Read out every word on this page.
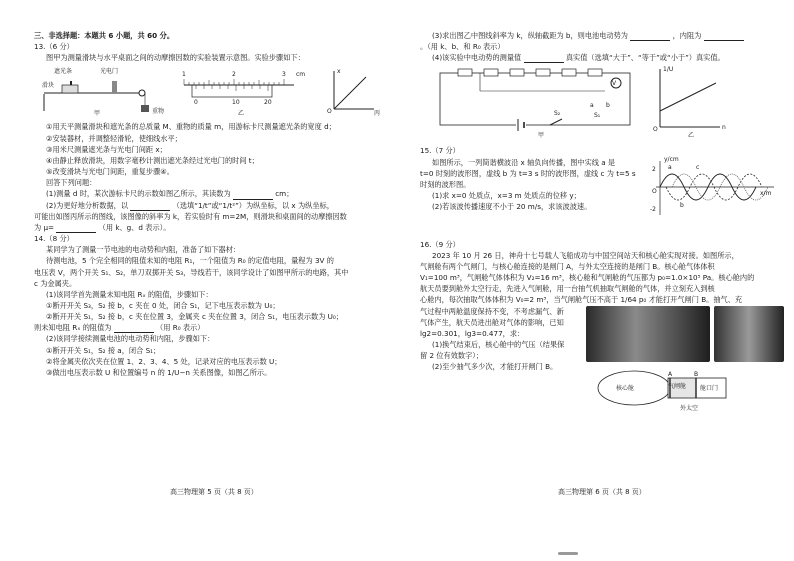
三、非选择题：本题共 6 小题，共 60 分。
13.（6 分）
图甲为测量滑块与水平桌面之间的动摩擦因数的实验装置示意图。实验步骤如下：
遮光条	光电门
滑块
重物
甲
1	2	3 cm
0	10	20
乙
x
O	丙
①用天平测量滑块和遮光条的总质量 M、重物的质量 m，用游标卡尺测量遮光条的宽度 d；
②安装器材，并调整轻滑轮，使细线水平；
③用米尺测量遮光条与光电门间距 x；
④由静止释放滑块，用数字毫秒计测出遮光条经过光电门的时间 t；
⑤改变滑块与光电门间距，重复步骤④。
回答下列问题：
(1)测量 d 时，某次游标卡尺的示数如图乙所示，其读数为	cm；
(2)为更好地分析数据，以	（选填“1/t”或“1/t²”）为纵坐标，以 x 为纵坐标，
可能出如图丙所示的图线，该图像的斜率为 k，若实验时有 m=2M，则滑块和桌面间的动摩擦因数
为 μ=	（用 k、g、d 表示）。
14.（8 分）
某同学为了测量一节电池的电动势和内阻，准备了如下器材：
待测电池，5 个完全相同的阻值未知的电阻 R₁，一个阻值为 R₀ 的定值电阻，量程为 3V 的
电压表 V，两个开关 S₁、S₂，单刀双掷开关 S₃，导线若干，该同学设计了如图甲所示的电路，其中
c 为金属夹。
(1)该同学首先测量未知电阻 Rₓ 的阻值，步骤如下：
①断开开关 S₃，S₂ 接 b，c 夹在 0 处，闭合 S₁，记下电压表示数为 U₀；
②断开开关 S₁，S₂ 接 b，c 夹在位置 3，金属夹 c 夹在位置 3，闭合 S₁，电压表示数为 U₀；
则未知电阻 Rₓ 的阻值为	（用 R₀ 表示）
(2)该同学接续测量电池的电动势和内阻，步骤如下：
①断开开关 S₁，S₂ 接 a，闭合 S₁；
②将金属夹依次夹在位置 1、2、3、4、5 处，记录对应的电压表示数 U；
③做出电压表示数 U 和位置编号 n 的 1/U−n 关系图像，如图乙所示。
高三物理第 5 页（共 8 页）
(3)求出图乙中图线斜率为 k，纵轴截距为 b，则电池电动势为	，内阻为
。（用 k、b、和 R₀ 表示）
(4)该实验中电动势的测量值	真实值（选填“大于”、“等于”或“小于”）真实值。
V
a b
S₁
S₂
甲
1/U
O	n
乙
15.（7 分）
如图所示，一列简谐横波沿 x 轴负向传播，图中实线 a 是
t=0 时刻的波形图，虚线 b 为 t=3 s 时的波形图，虚线 c 为 t=5 s
时刻的波形图。
(1)求 x=0 处质点，x=3 m 处质点的位移 y；
(2)若该波传播速度不小于 20 m/s，求该波波速。
y/cm
2
-2
O	x/m
a
b
c
16.（9 分）
2023 年 10 月 26 日，神舟十七号载人飞船成功与中国空间站天和核心舱实现对接。如图所示，
气闸舱有两个气闸门，与核心舱连接的是闸门 A，与外太空连接的是闸门 B。核心舱气体体积
V₁=100 m³，气闸舱气体体积为 V₂=16 m³，核心舱和气闸舱的气压都为 p₀=1.0×10⁵ Pa。核心舱内的
航天员要到舱外太空行走，先进入气闸舱，用一台抽气机抽取气闸舱的气体，并立刻充入到核
心舱内，每次抽取气体体积为 V₀=2 m³，当气闸舱气压不高于 1/64 p₀ 才能打开气闸门 B。抽气、充
气过程中两舱温度保持不变，不考虑漏气、新
气体产生，航天员进出舱对气体的影响，已知
lg2=0.301，lg3=0.477，求：
(1)换气结束后，核心舱中的气压（结果保
留 2 位有效数字）；
(2)至少抽气多少次，才能打开闸门 B。
核心舱	气闸舱
A	B
舱口门
外太空
高三物理第 6 页（共 8 页）
